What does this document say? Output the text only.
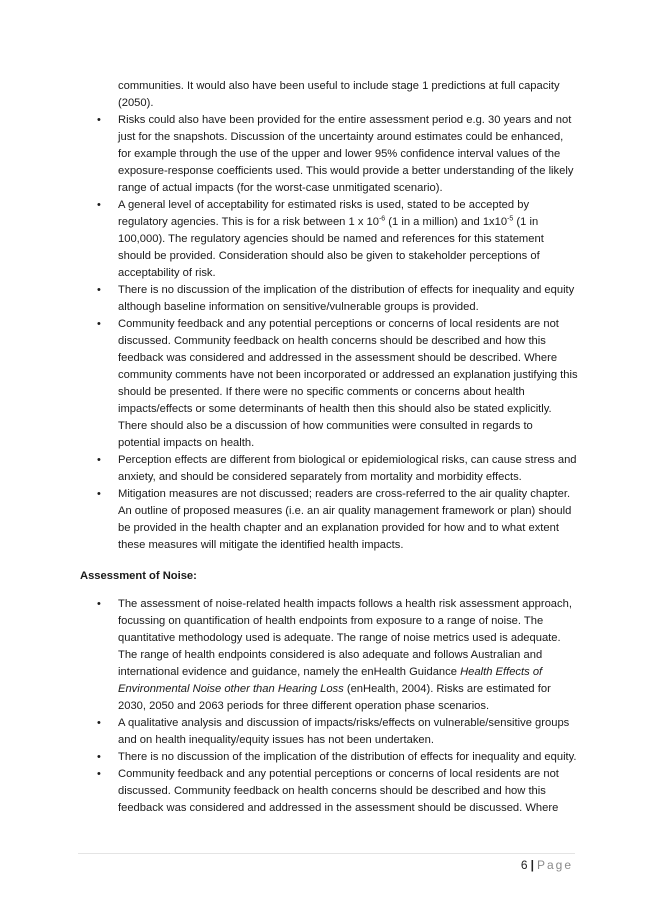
communities. It would also have been useful to include stage 1 predictions at full capacity (2050).

• Risks could also have been provided for the entire assessment period e.g. 30 years and not just for the snapshots. Discussion of the uncertainty around estimates could be enhanced, for example through the use of the upper and lower 95% confidence interval values of the exposure-response coefficients used. This would provide a better understanding of the likely range of actual impacts (for the worst-case unmitigated scenario).
• A general level of acceptability for estimated risks is used, stated to be accepted by regulatory agencies. This is for a risk between 1 x $10^{-6}$ (1 in a million) and $1x10^{-5}$ (1 in 100,000). The regulatory agencies should be named and references for this statement should be provided. Consideration should also be given to stakeholder perceptions of acceptability of risk.
• There is no discussion of the implication of the distribution of effects for inequality and equity although baseline information on sensitive/vulnerable groups is provided.
• Community feedback and any potential perceptions or concerns of local residents are not discussed. Community feedback on health concerns should be described and how this feedback was considered and addressed in the assessment should be described. Where community comments have not been incorporated or addressed an explanation justifying this should be presented. If there were no specific comments or concerns about health impacts/effects or some determinants of health then this should also be stated explicitly. There should also be a discussion of how communities were consulted in regards to potential impacts on health.
• Perception effects are different from biological or epidemiological risks, can cause stress and anxiety, and should be considered separately from mortality and morbidity effects.
• Mitigation measures are not discussed; readers are cross-referred to the air quality chapter. An outline of proposed measures (i.e. an air quality management framework or plan) should be provided in the health chapter and an explanation provided for how and to what extent these measures will mitigate the identified health impacts.

Assessment of Noise:

• The assessment of noise-related health impacts follows a health risk assessment approach, focussing on quantification of health endpoints from exposure to a range of noise. The quantitative methodology used is adequate. The range of noise metrics used is adequate. The range of health endpoints considered is also adequate and follows Australian and international evidence and guidance, namely the enHealth Guidance Health Effects of Environmental Noise other than Hearing Loss (enHealth, 2004). Risks are estimated for 2030, 2050 and 2063 periods for three different operation phase scenarios.
• A qualitative analysis and discussion of impacts/risks/effects on vulnerable/sensitive groups and on health inequality/equity issues has not been undertaken.
• There is no discussion of the implication of the distribution of effects for inequality and equity.
• Community feedback and any potential perceptions or concerns of local residents are not discussed. Community feedback on health concerns should be described and how this feedback was considered and addressed in the assessment should be discussed. Where
6 | Page
